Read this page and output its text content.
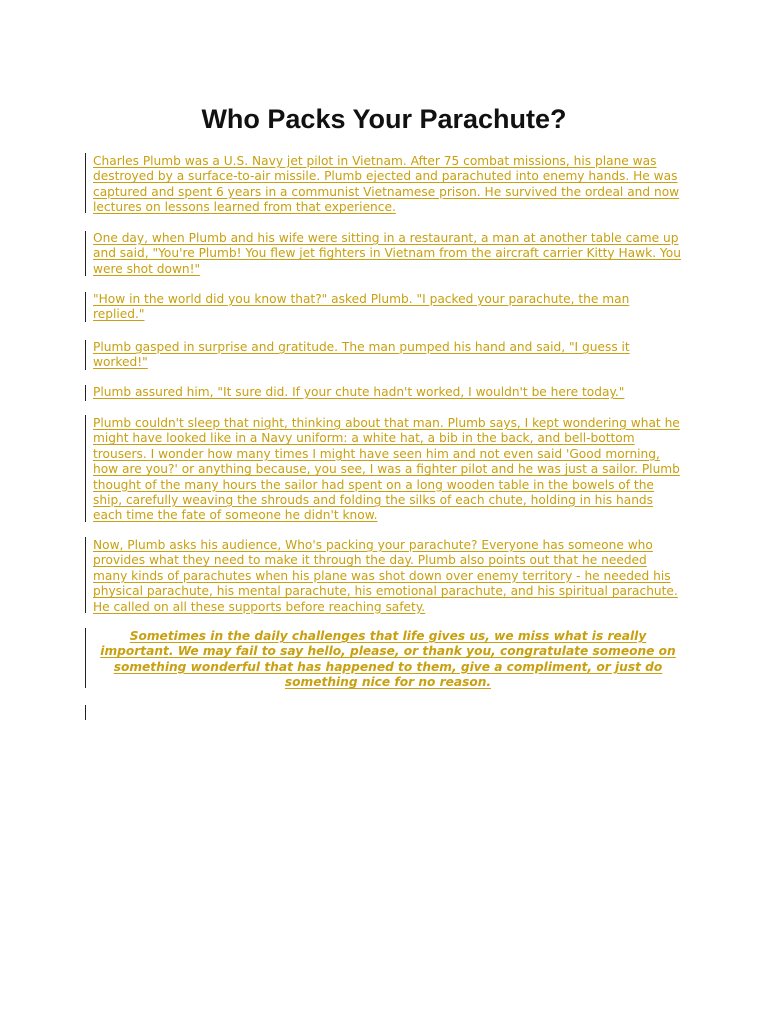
Who Packs Your Parachute?

Charles Plumb was a U.S. Navy jet pilot in Vietnam. After 75 combat missions, his plane was destroyed by a surface-to-air missile. Plumb ejected and parachuted into enemy hands. He was captured and spent 6 years in a communist Vietnamese prison. He survived the ordeal and now lectures on lessons learned from that experience.

One day, when Plumb and his wife were sitting in a restaurant, a man at another table came up and said, "You're Plumb! You flew jet fighters in Vietnam from the aircraft carrier Kitty Hawk. You were shot down!"

"How in the world did you know that?" asked Plumb. "I packed your parachute, the man replied."

Plumb gasped in surprise and gratitude. The man pumped his hand and said, "I guess it worked!"

Plumb assured him, "It sure did. If your chute hadn't worked, I wouldn't be here today."

Plumb couldn't sleep that night, thinking about that man. Plumb says, I kept wondering what he might have looked like in a Navy uniform: a white hat, a bib in the back, and bell-bottom trousers. I wonder how many times I might have seen him and not even said 'Good morning, how are you?' or anything because, you see, I was a fighter pilot and he was just a sailor. Plumb thought of the many hours the sailor had spent on a long wooden table in the bowels of the ship, carefully weaving the shrouds and folding the silks of each chute, holding in his hands each time the fate of someone he didn't know.

Now, Plumb asks his audience, Who's packing your parachute? Everyone has someone who provides what they need to make it through the day. Plumb also points out that he needed many kinds of parachutes when his plane was shot down over enemy territory - he needed his physical parachute, his mental parachute, his emotional parachute, and his spiritual parachute. He called on all these supports before reaching safety.

Sometimes in the daily challenges that life gives us, we miss what is really important. We may fail to say hello, please, or thank you, congratulate someone on something wonderful that has happened to them, give a compliment, or just do something nice for no reason.
